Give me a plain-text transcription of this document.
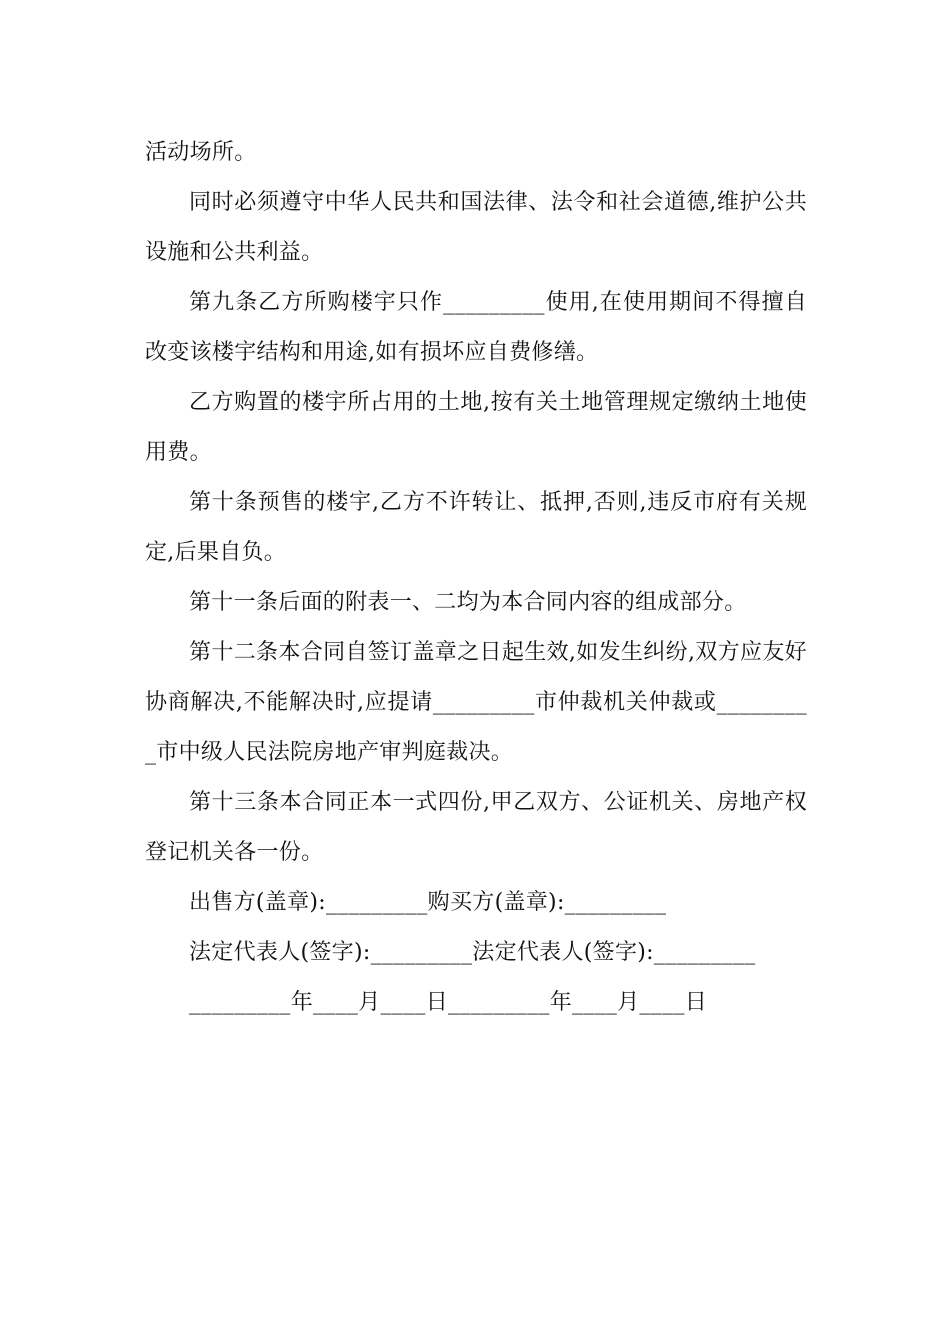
活动场所。

同时必须遵守中华人民共和国法律、法令和社会道德,维护公共设施和公共利益。

第九条乙方所购楼宇只作_________使用,在使用期间不得擅自改变该楼宇结构和用途,如有损坏应自费修缮。

乙方购置的楼宇所占用的土地,按有关土地管理规定缴纳土地使用费。

第十条预售的楼宇,乙方不许转让、抵押,否则,违反市府有关规定,后果自负。

第十一条后面的附表一、二均为本合同内容的组成部分。

第十二条本合同自签订盖章之日起生效,如发生纠纷,双方应友好协商解决,不能解决时,应提请_________市仲裁机关仲裁或_________市中级人民法院房地产审判庭裁决。

第十三条本合同正本一式四份,甲乙双方、公证机关、房地产权登记机关各一份。

出售方(盖章):_________购买方(盖章):_________

法定代表人(签字):_________法定代表人(签字):_________

_________年____月____日_________年____月____日
